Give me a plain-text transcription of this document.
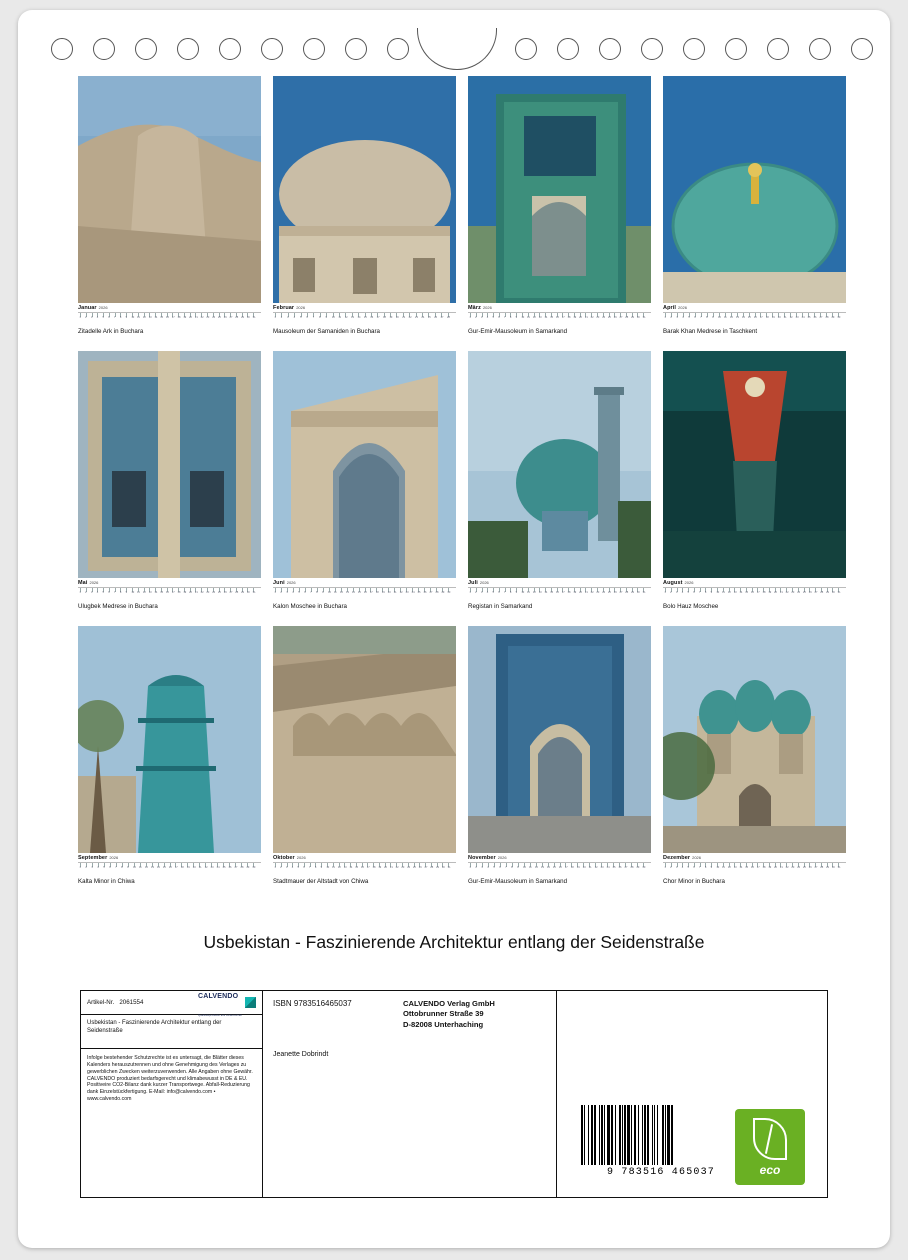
Januar 2026
1 2 3 4 5 6 7 8 9 10 11 12 13 14 15 16 17 18 19 20 21 22 23 24 25 26 27 28 29 30 31
Zitadelle Ark in Buchara
Februar 2026
1 2 3 4 5 6 7 8 9 10 11 12 13 14 15 16 17 18 19 20 21 22 23 24 25 26 27 28
Mausoleum der Samaniden in Buchara
März 2026
1 2 3 4 5 6 7 8 9 10 11 12 13 14 15 16 17 18 19 20 21 22 23 24 25 26 27 28 29 30 31
Gur-Emir-Mausoleum in Samarkand
April 2026
1 2 3 4 5 6 7 8 9 10 11 12 13 14 15 16 17 18 19 20 21 22 23 24 25 26 27 28 29 30
Barak Khan Medrese in Taschkent
Mai 2026
1 2 3 4 5 6 7 8 9 10 11 12 13 14 15 16 17 18 19 20 21 22 23 24 25 26 27 28 29 30 31
Ulugbek Medrese in Buchara
Juni 2026
1 2 3 4 5 6 7 8 9 10 11 12 13 14 15 16 17 18 19 20 21 22 23 24 25 26 27 28 29 30
Kalon Moschee in Buchara
Juli 2026
1 2 3 4 5 6 7 8 9 10 11 12 13 14 15 16 17 18 19 20 21 22 23 24 25 26 27 28 29 30 31
Registan in Samarkand
August 2026
1 2 3 4 5 6 7 8 9 10 11 12 13 14 15 16 17 18 19 20 21 22 23 24 25 26 27 28 29 30 31
Bolo Hauz Moschee
September 2026
1 2 3 4 5 6 7 8 9 10 11 12 13 14 15 16 17 18 19 20 21 22 23 24 25 26 27 28 29 30
Kalta Minor in Chiwa
Oktober 2026
1 2 3 4 5 6 7 8 9 10 11 12 13 14 15 16 17 18 19 20 21 22 23 24 25 26 27 28 29 30 31
Stadtmauer der Altstadt von Chiwa
November 2026
1 2 3 4 5 6 7 8 9 10 11 12 13 14 15 16 17 18 19 20 21 22 23 24 25 26 27 28 29 30
Gur-Emir-Mausoleum in Samarkand
Dezember 2026
1 2 3 4 5 6 7 8 9 10 11 12 13 14 15 16 17 18 19 20 21 22 23 24 25 26 27 28 29 30 31
Chor Minor in Buchara
Usbekistan - Faszinierende Architektur entlang der Seidenstraße
Artikel-Nr. 2061554
CALVENDO
Qualitätsprodukte aus Leidenschaft
Usbekistan - Faszinierende Architektur entlang der Seidenstraße
Infolge bestehender Schutzrechte ist es untersagt, die Blätter dieses Kalenders herauszutrennen und ohne Genehmigung des Verlages zu gewerblichen Zwecken weiterzuverwenden. Alle Angaben ohne Gewähr. CALVENDO produziert bedarfsgerecht und klimabewusst in DE & EU. Positiveire CO2-Bilanz dank kurzer Transportwege. Abfall-Reduzierung dank Einzelstückfertigung. E-Mail: info@calvendo.com • www.calvendo.com
ISBN 9783516465037	CALVENDO Verlag GmbH
Ottobrunner Straße 39
D-82008 Unterhaching
Jeanette Dobrindt
9 783516 465037	eco
